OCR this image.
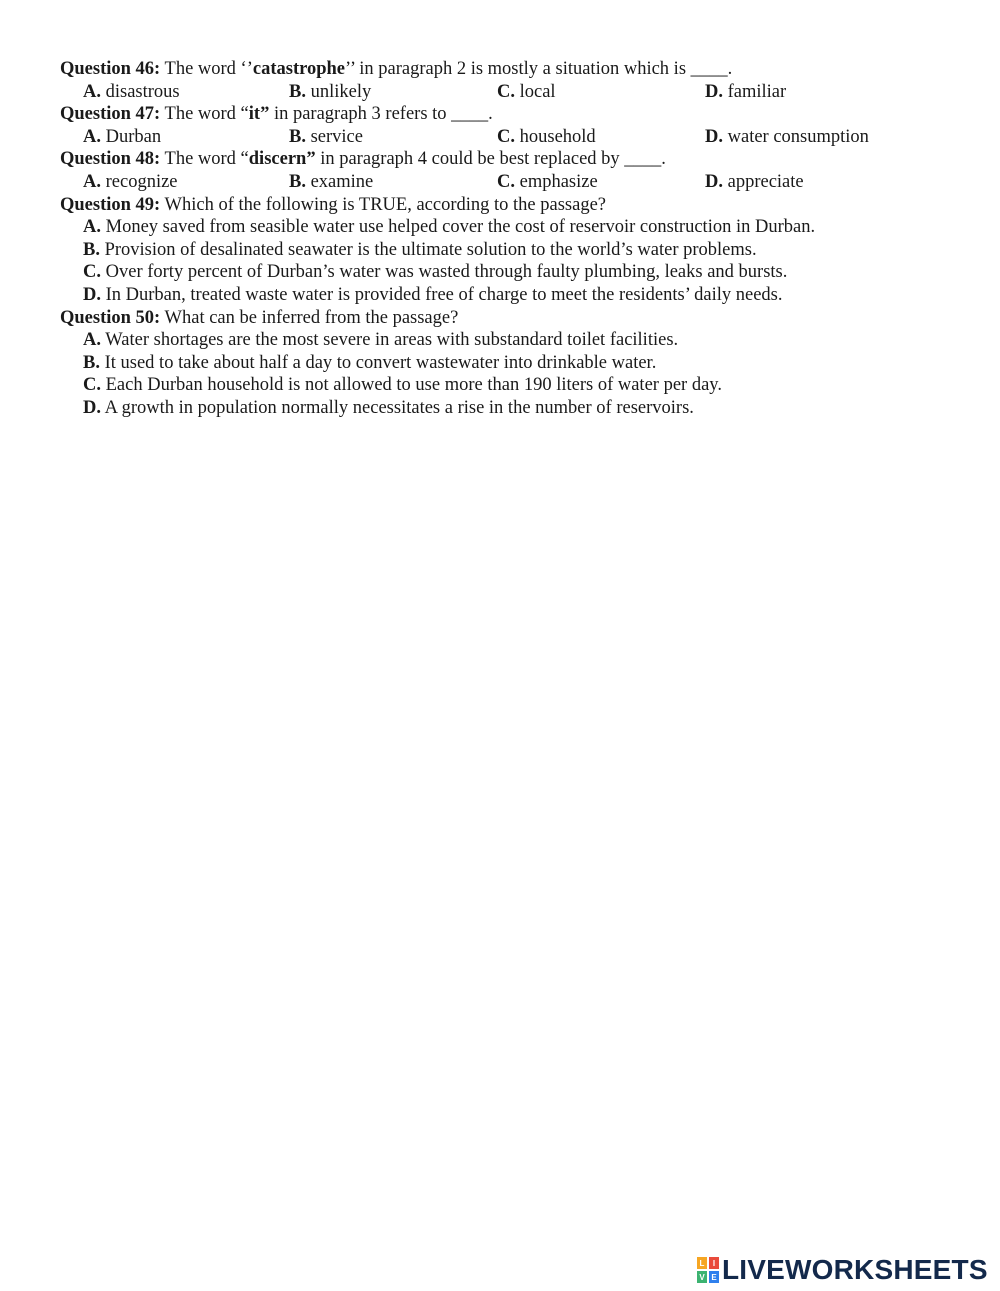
Question 46: The word ‘’catastrophe’’ in paragraph 2 is mostly a situation which is ____.
A. disastrous	B. unlikely	C. local	D. familiar
Question 47: The word “it” in paragraph 3 refers to ____.
A. Durban	B. service	C. household	D. water consumption
Question 48: The word “discern” in paragraph 4 could be best replaced by ____.
A. recognize	B. examine	C. emphasize	D. appreciate
Question 49: Which of the following is TRUE, according to the passage?
A. Money saved from seasible water use helped cover the cost of reservoir construction in Durban.
B. Provision of desalinated seawater is the ultimate solution to the world’s water problems.
C. Over forty percent of Durban’s water was wasted through faulty plumbing, leaks and bursts.
D. In Durban, treated waste water is provided free of charge to meet the residents’ daily needs.
Question 50: What can be inferred from the passage?
A. Water shortages are the most severe in areas with substandard toilet facilities.
B. It used to take about half a day to convert wastewater into drinkable water.
C. Each Durban household is not allowed to use more than 190 liters of water per day.
D. A growth in population normally necessitates a rise in the number of reservoirs.
L	I
V E LIVEWORKSHEETS
